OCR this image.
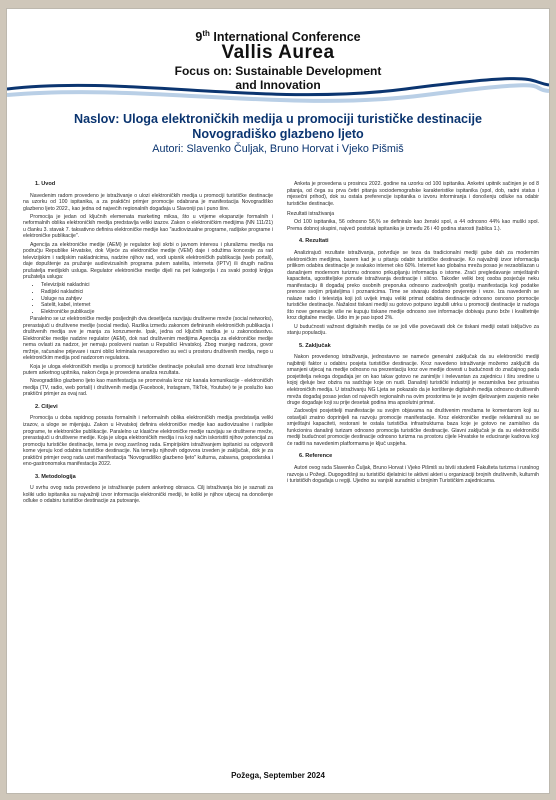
9th International Conference
Vallis Aurea
Focus on: Sustainable Development
and Innovation
Naslov: Uloga elektroničkih medija u promociji turističke destinacije
Novogradiško glazbeno ljeto
Autori: Slavenko Čuljak, Bruno Horvat i Vjeko Pišmiš
1. Uvod

Navedenim radom provedeno je istraživanje o ulozi elektroničkih medija u promociji turističke destinacije na uzorku od 100 ispitanika, a za praktični primjer promocije odabrana je manifestacija Novogradiško glazbeno ljeto 2022., kao jedna od najvećih regionalnih događaja u Slavoniji pa i puno šire.

Promocija je jedan od ključnih elemenata marketing miksa, što u vrijeme ekspanzije formalnih i neformalnih oblika elektroničkih medija predstavlja veliki izazov. Zakon o elektroničkim medijima (NN 111/21) u članku 3. stavak 7. taksativno definira elektroničke medije kao "audiovizualne programe, radijske programe i elektroničke publikacije".

Agencija za elektroničke medije (AEM) je regulator koji skrbi o javnom interesu i pluralizmu medija na području Republike Hrvatske, dok Vijeće za elektroničke medije (VEM) daje i odužima koncesije za rad televizijskim i radijskim nakladnicima, nadzire njihov rad, vodi upisnik elektroničkih publikacija (web portali), daje dopuštenje za pružanje audiovizualnih programa putem satelita, interneta (IPTV) ili drugih načina prušatelja medijskih usluga. Regulator elektroničke medije dijeli na pet kategorija i za svaki postoji knjiga pružatelja usluga:

• Televizijski nakladnici
• Radijski nakladnici
• Usluge na zahtjev
• Satelit, kabel, internet
• Elektroničke publikacije

Paralelno se uz elektroničke medije posljednjih dva desetljeća razvijaju društvene mreže (social networks), prerastajući u društvene medije (social media). Razlika između zakonom definiranih elektroničkih publikacija i društvenih medija sve je manja za konzumente. Ipak, jedna od ključnih razlika je u zakonodavstvu. Elektroničke medije nadzire regulator (AEM), dok nad društvenim medijima Agencija za elektroničke medije nema ovlasti za nadzor, jer nemaju posloveni nastan u Republici Hrvatskoj. Zbog manjeg nadzora, govor mržnje, računalne prijevare i razni oblici kriminala neusporedivo su veći u prostoru društvenih medija, nego u elektroničkim medija pod nadzorom regulatora.

Koja je uloga elektroničkih medija u promociji turističke destinacije pokušali smo doznati kroz istraživanje putem anketnog upitnika, nakon čega je provedena analiza rezultata.

Novogradiško glazbeno ljeto kao manifestacija se promovirala kroz niz kanala komunikacije - elektroničkih medija (TV, radio, web portali) i društvenih medija (Facebook, Instagram, TikTok, Youtube) te je poslužio kao praktični primjer za ovaj rad.

2. Ciljevi

Promocija u doba rapidnog porasta formalnih i neformalnih oblika elektroničkih medija predstavlja veliki izazov, a uloge se mijenjaju. Zakon u Hrvatskoj definira elektroničke medije kao audiovizualne i radijske programe, te elektroničke publikacije. Paralelno uz klasične elektroničke medije razvijaju se društvene mreže, prerastajući u društvene medije. Koja je uloga elektroničkih medija i na koji način iskoristiti njihov potencijal za promociju turističke destinacije, tema je ovog završnog rada. Empirijskim istraživanjem ispitanici su odgovorili kome vjeruju kod odabira turističke destinacije. Na temelju njihovih odgovora izveden je zaključak, dok je za praktični primjer ovog rada uzet manifestacija "Novogradiško glazbeno ljeto" kulturna, zabavna, gospodarska i eno-gastronomska manifestacija 2022.

3. Metodologija

U svrhu ovog rada provedeno je istraživanje putem anketnog obrasca. Cilj istraživanja bio je saznati za koliki udio ispitanika su najvažniji izvor informacija elektronički mediji, te koliki je njihov utjecaj na donošenje odluke o odabiru turističke destinacije za putovanje.

Anketa je provedena u prosincu 2022. godine na uzorku od 100 ispitanika. Anketni upitnik sačinjen je od 8 pitanja, od čega su prva četiri pitanja sociodemografske karakteristike ispitanika (spol, dob, radni status i mjesečni prihod), dok su ostala preferencije ispitanika o izvoru informiranja i donošenju odluke na odabir turističke destinacije.

Rezultati istraživanja

Od 100 ispitanika, 56 odnosno 56,% se definiralo kao ženski spol, a 44 odnosno 44% kao muški spol. Prema dobnoj skupini, najveći postotak ispitanika je između 26 i 40 godina starosti (tablica 1.).

4. Rezultati

Analizirajući rezultate istraživanja, potvrđuje se teza da tradicionalni mediji gube dah za modernim elektroničkim medijima, barem kad je u pitanju odabir turističke destinacije. Ko najvažniji izvor informacija prilikom odabira destinacije je svakako internet oko 60%. Internet kao globalna mreža posao je nezaobilazan u današnjem modernom turizmu odnosno prikupljanju informacija o istome. Zraći pregledavanje smještajnih kapaciteta, ugostiteljske ponude istraživanja destinacije i slično. Također veliki broj osoba posjećuje neku manifestaciju ili događaj preko osobnih preporuka odnosno zadovoljnih gostiju manifestacija koji podatke prenose svojim prijateljima i poznanicima. Time se stvaraju dodatno povjerenje i veze. Iza navedenih se nalaze radio i televizija koji još uvijek imaju veliki primat odabira destinacije odnosno osnosno promocije turističke destinacije. Nažalost tiskani mediji su gotovo potpuno izgubili utrku u promociji destinacije iz razloga što nove generacije više ne kupuju tiskane medije odnosno sve informacije dobivaju puno brže i kvalitetnije kroz digitalne medije. Udio im je pao ispod 2%.

U budućnosti važnost digitalnih medija će se još više povećavati dok će tiskani mediji ostati isključivo za stanju populaciju.

5. Zaključak

Nakon provedenog istraživanja, jednostavno se nameće generalni zaključak da su elektronički mediji najbitniji faktor u odabiru posjeta turističke destinacije. Kroz navedeno istraživanje možemo zaključiti da smanjeni utjecaj na medije odnosno na prezentaciju kroz ove medije dovesti u budućnosti do značajnog pada posjetitelja nekoga događaja jer on kao takav gotovo ne zanimljiv i irelevantan za zajednicu i širu sredine u kojoj djeluje bez obzira na sadržaje koje on nudi. Današnji turistički industriji je nezamisliva bez prisustva elektroničkih medija. U istraživanju NG Ljeta se pokazalo da je korištenje digitalnih medija odnosno društvenih mreža događaj posao jedan od najvećih regionalnih na ovim prostorima te je svojim djelovanjem zasjenio neke druge događaje koji su prije desetak godina ima apsolutni primat.

Zadovoljni posjetitelji manifestacije su svojim objavama na društvenim mrežama te komentarom koji su ostavljali znatno doprinijeli na razvoju promocije manifestacije. Kroz elektroničke medije reklamirali su se smještajni kapaciteti, restorani te ostala turistička infrastrukturna baza koje je gotovo ne zamislivo da funkcionira današnji turizam odnosno promocija turističke destinacije. Glavni zaključak je da su elektronički mediji budućnost promocije destinacije odnosno turizma na prostoru cijele Hrvatske te educiranje kadrova koji će raditi na navedenim platformama je ključ uspjeha.

6. Reference

Autori ovog rada Slavenko Čuljak, Bruno Horvat i Vjeko Pišmiš su bivši studenti Fakulteta turizma i ruralnog razvoja u Požegi. Dugogodišnji su turistički djelatnici te aktivni akteri u organizaciji brojnih društvenih, kulturnih i turističkih događaja u regiji. Ujedno su vanjski suradnici u brojnim Turističkim zajednicama.

Požega, September 2024
